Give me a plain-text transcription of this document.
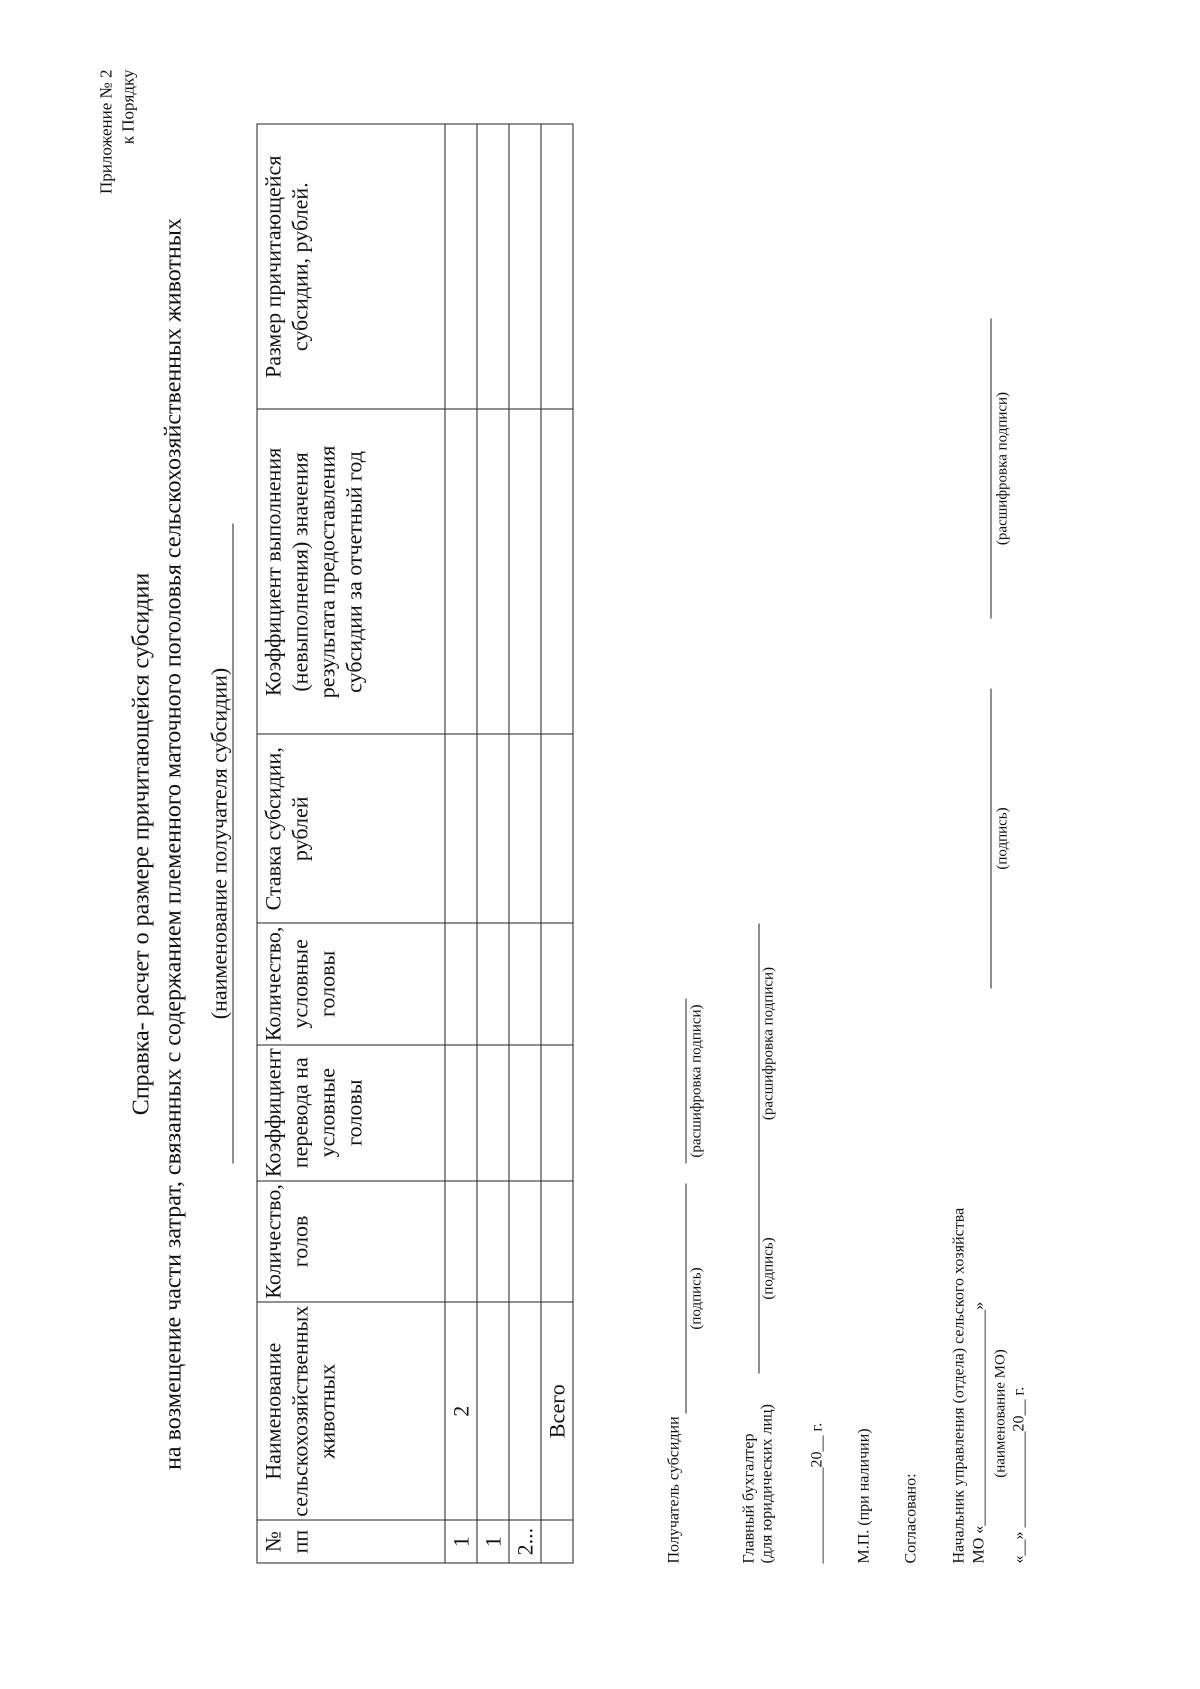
Приложение № 2 к Порядку
Справка- расчет о размере причитающейся субсидии на возмещение части затрат, связанных с содержанием племенного маточного поголовья сельскохозяйственных животных (наименование получателя субсидии)
№ пп	Наименование сельскохозяйственных животных	Количество, голов	Коэффициент перевода на условные головы	Количество, условные головы	Ставка субсидии, рублей	Коэффициент выполнения (невыполнения) значения результата предоставления субсидии за отчетный год	Размер причитающейся субсидии, рублей.
1	2						
1							
2...							
	Всего						
Получатель субсидии
(подпись)
(расшифровка подписи)
Главный бухгалтер (для юридических лиц)
(подпись)
(расшифровка подписи)
____________20__ г. М.П. (при наличии) Согласовано: Начальник управления (отдела) сельского хозяйства МО «___________________________» (наименование МО) «__» ____________20__ г.
(подпись)
(расшифровка подписи)
